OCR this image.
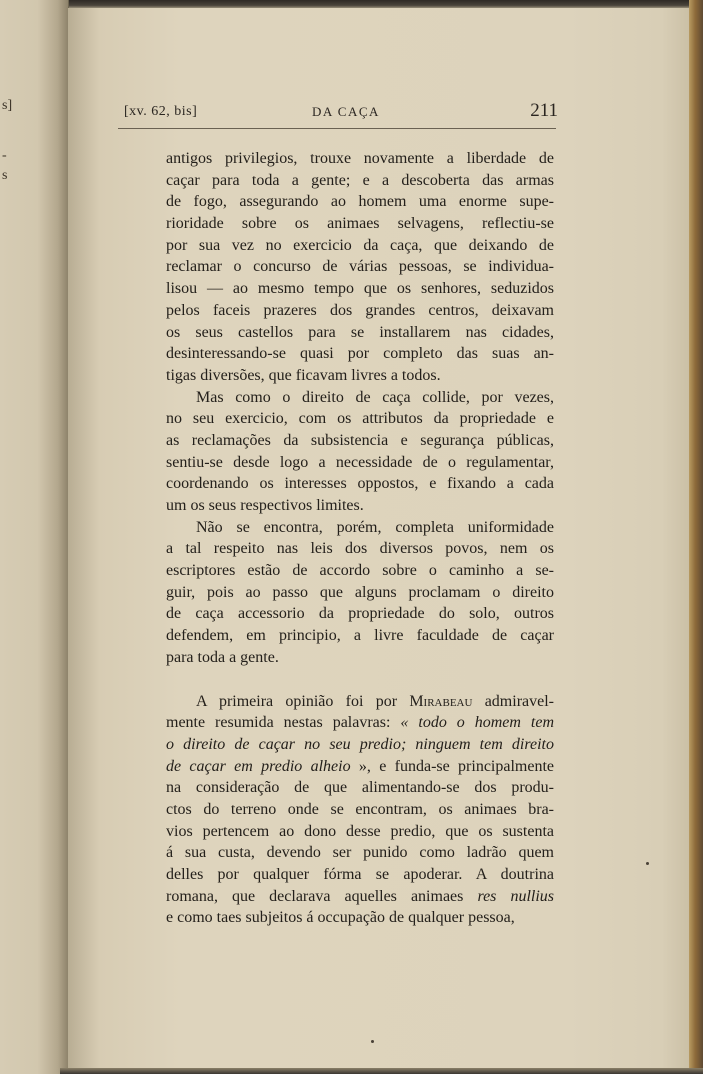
s]
-
s
[xv. 62, bis]	DA CAÇA	211
antigos privilegios, trouxe novamente a liberdade de
caçar para toda a gente; e a descoberta das armas
de fogo, assegurando ao homem uma enorme supe-
rioridade sobre os animaes selvagens, reflectiu-se
por sua vez no exercicio da caça, que deixando de
reclamar o concurso de várias pessoas, se individua-
lisou — ao mesmo tempo que os senhores, seduzidos
pelos faceis prazeres dos grandes centros, deixavam
os seus castellos para se installarem nas cidades,
desinteressando-se quasi por completo das suas an-
tigas diversões, que ficavam livres a todos.
Mas como o direito de caça collide, por vezes,
no seu exercicio, com os attributos da propriedade e
as reclamações da subsistencia e segurança públicas,
sentiu-se desde logo a necessidade de o regulamentar,
coordenando os interesses oppostos, e fixando a cada
um os seus respectivos limites.
Não se encontra, porém, completa uniformidade
a tal respeito nas leis dos diversos povos, nem os
escriptores estão de accordo sobre o caminho a se-
guir, pois ao passo que alguns proclamam o direito
de caça accessorio da propriedade do solo, outros
defendem, em principio, a livre faculdade de caçar
para toda a gente.
A primeira opinião foi por Mirabeau admiravel-
mente resumida nestas palavras: « todo o homem tem
o direito de caçar no seu predio; ninguem tem direito
de caçar em predio alheio », e funda-se principalmente
na consideração de que alimentando-se dos produ-
ctos do terreno onde se encontram, os animaes bra-
vios pertencem ao dono desse predio, que os sustenta
á sua custa, devendo ser punido como ladrão quem
delles por qualquer fórma se apoderar. A doutrina
romana, que declarava aquelles animaes res nullius
e como taes subjeitos á occupação de qualquer pessoa,
